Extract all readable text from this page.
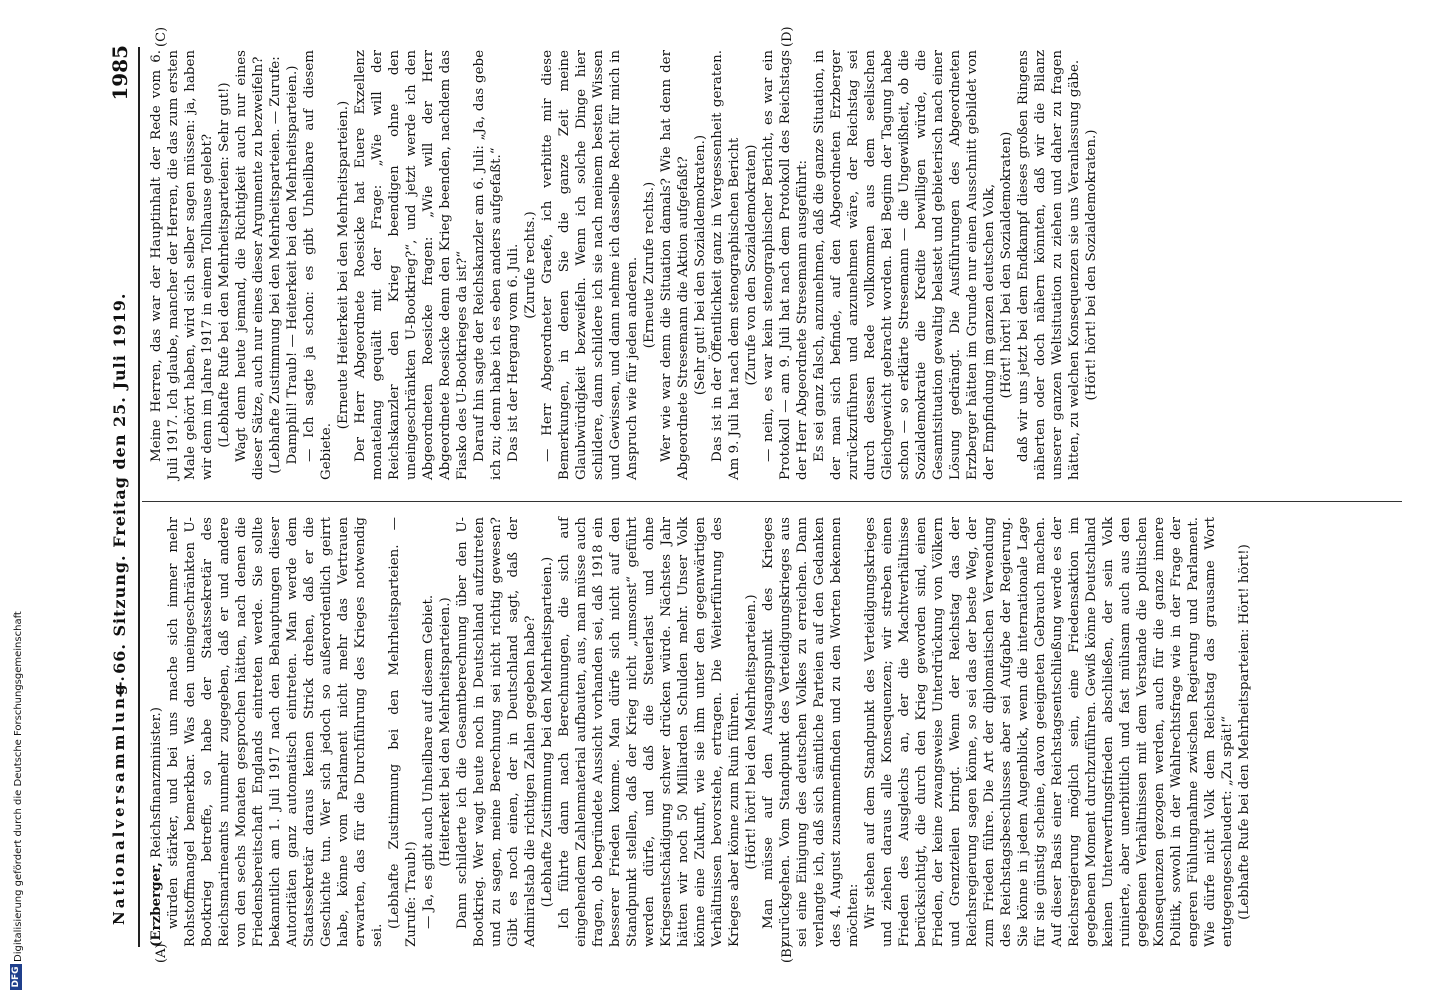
Nationalversammlung.
— 66. Sitzung. Freitag den 25. Juli 1919.
1985
(A)	(B)
(C)	(D)

(Erzberger, Reichsfinanzminister.) würden stärker, und bei uns mache sich immer mehr Rohstoffmangel bemerkbar. Was den uneingeschränkten U-Bootkrieg betreffe, so habe der Staatssekretär des Reichsmarineamts nunmehr zugegeben, daß er und andere von den sechs Monaten gesprochen hätten, nach denen die Friedensbereitschaft Englands eintreten werde. Sie sollte bekanntlich am 1. Juli 1917 nach den Behauptungen dieser Autoritäten ganz automatisch eintreten. Man werde dem Staatssekretär daraus keinen Strick drehen, daß er die Geschichte tun. Wer sich jedoch so außerordentlich geirrt habe, könne vom Parlament nicht mehr das Vertrauen erwarten, das für die Durchführung des Krieges notwendig sei.

(Lebhafte Zustimmung bei den Mehrheitsparteien. — Zurufe: Traub!) — Ja, es gibt auch Unheilbare auf diesem Gebiet. (Heiterkeit bei den Mehrheitsparteien.) Dann schilderte ich die Gesamtberechnung über den U-Bootkrieg. Wer wagt heute noch in Deutschland aufzutreten und zu sagen, meine Berechnung sei nicht richtig gewesen? Gibt es noch einen, der in Deutschland sagt, daß der Admiralstab die richtigen Zahlen gegeben habe? (Lebhafte Zustimmung bei den Mehrheitsparteien.) Ich führte dann nach Berechnungen, die sich auf eingehendem Zahlenmaterial aufbauten, aus, man müsse auch fragen, ob begründete Aussicht vorhanden sei, daß 1918 ein besserer Frieden komme. Man dürfe sich nicht auf den Standpunkt stellen, daß der Krieg nicht „umsonst“ geführt werden dürfe, und daß die Steuerlast und ohne Kriegsentschädigung schwer drücken würde. Nächstes Jahr hätten wir noch 50 Milliarden Schulden mehr. Unser Volk könne eine Zukunft, wie sie ihm unter den gegenwärtigen Verhältnissen bevorstehe, ertragen. Die Weiterführung des Krieges aber könne zum Ruin führen. (Hört! hört! bei den Mehrheitsparteien.) Man müsse auf den Ausgangspunkt des Krieges zurückgehen. Vom Standpunkt des Verteidigungskrieges aus sei eine Einigung des deutschen Volkes zu erreichen. Dann verlangte ich, daß sich sämtliche Parteien auf den Gedanken des 4. August zusammenfinden und zu den Worten bekennen möchten: Wir stehen auf dem Standpunkt des Verteidigungskrieges und ziehen daraus alle Konsequenzen; wir streben einen Frieden des Ausgleichs an, der die Machtverhältnisse berücksichtigt, die durch den Krieg geworden sind, einen Frieden, der keine zwangsweise Unterdrückung von Völkern und Grenzteilen bringt. Wenn der Reichstag das der Reichsregierung sagen könne, so sei das der beste Weg, der zum Frieden führe. Die Art der diplomatischen Verwendung des Reichstagsbeschlusses aber sei Aufgabe der Regierung. Sie könne in jedem Augenblick, wenn die internationale Lage für sie günstig scheine, davon geeigneten Gebrauch machen. Auf dieser Basis einer Reichstagsentschließung werde es der Reichsregierung möglich sein, eine Friedensaktion im gegebenen Moment durchzuführen. Gewiß könne Deutschland keinen Unterwerfungsfrieden abschließen, der sein Volk ruinierte, aber unerbittlich und fast mühsam auch aus den gegebenen Verhältnissen mit dem Verstande die politischen Konsequenzen gezogen werden, auch für die ganze innere Politik, sowohl in der Wahlrechtsfrage wie in der Frage der engeren Fühlungnahme zwischen Regierung und Parlament. Wie dürfe nicht Volk dem Reichstag das grausame Wort entgegengeschleudert: „Zu spät!“ (Lebhafte Rufe bei den Mehrheitsparteien: Hört! hört!)

Meine Herren, das war der Hauptinhalt der Rede vom 6. Juli 1917. Ich glaube, mancher der Herren, die das zum ersten Male gehört haben, wird sich selber sagen müssen: ja, haben wir denn im Jahre 1917 in einem Tollhause gelebt? (Lebhafte Rufe bei den Mehrheitsparteien: Sehr gut!) Wagt denn heute jemand, die Richtigkeit auch nur eines dieser Sätze, auch nur eines dieser Argumente zu bezweifeln? (Lebhafte Zustimmung bei den Mehrheitsparteien. — Zurufe: Damphil! Traub! — Heiterkeit bei den Mehrheitsparteien.) — Ich sagte ja schon: es gibt Unheilbare auf diesem Gebiete.

(Erneute Heiterkeit bei den Mehrheitsparteien.) Der Herr Abgeordnete Roesicke hat Euere Exzellenz monatelang gequält mit der Frage: „Wie will der Reichskanzler den Krieg beendigen ohne den uneingeschränkten U-Bootkrieg?“, und jetzt werde ich den Abgeordneten Roesicke fragen: „Wie will der Herr Abgeordnete Roesicke denn den Krieg beenden, nachdem das Fiasko des U-Bootkrieges da ist?“ Darauf hin sagte der Reichskanzler am 6. Juli: „Ja, das gebe ich zu; denn habe ich es eben anders aufgefaßt.“ Das ist der Hergang vom 6. Juli. (Zurufe rechts.) — Herr Abgeordneter Graefe, ich verbitte mir diese Bemerkungen, in denen Sie die ganze Zeit meine Glaubwürdigkeit bezweifeln. Wenn ich solche Dinge hier schildere, dann schildere ich sie nach meinem besten Wissen und Gewissen, und dann nehme ich dasselbe Recht für mich in Anspruch wie für jeden anderen. (Erneute Zurufe rechts.) Wer wie war denn die Situation damals? Wie hat denn der Abgeordnete Stresemann die Aktion aufgefaßt? (Sehr gut! bei den Sozialdemokraten.) Das ist in der Öffentlichkeit ganz in Vergessenheit geraten. Am 9. Juli hat nach dem stenographischen Bericht (Zurufe von den Sozialdemokraten) — nein, es war kein stenographischer Bericht, es war ein Protokoll — am 9. Juli hat nach dem Protokoll des Reichstags der Herr Abgeordnete Stresemann ausgeführt: Es sei ganz falsch, anzunehmen, daß die ganze Situation, in der man sich befinde, auf den Abgeordneten Erzberger zurückzuführen und anzunehmen wäre, der Reichstag sei durch dessen Rede vollkommen aus dem seelischen Gleichgewicht gebracht worden. Bei Beginn der Tagung habe schon — so erklärte Stresemann — die Ungewißheit, ob die Sozialdemokratie die Kredite bewilligen würde, die Gesamtsituation gewaltig belastet und gebieterisch nach einer Lösung gedrängt. Die Ausführungen des Abgeordneten Erzberger hätten im Grunde nur einen Ausschnitt gebildet von der Empfindung im ganzen deutschen Volk, (Hört! hört! bei den Sozialdemokraten) daß wir uns jetzt bei dem Endkampf dieses großen Ringens näherten oder doch nähern könnten, daß wir die Bilanz unserer ganzen Weltsituation zu ziehen und daher zu fragen hätten, zu welchen Konsequenzen sie uns Veranlassung gäbe. (Hört! hört! bei den Sozialdemokraten.)

DFG
Digitalisierung gefördert durch die Deutsche Forschungsgemeinschaft
